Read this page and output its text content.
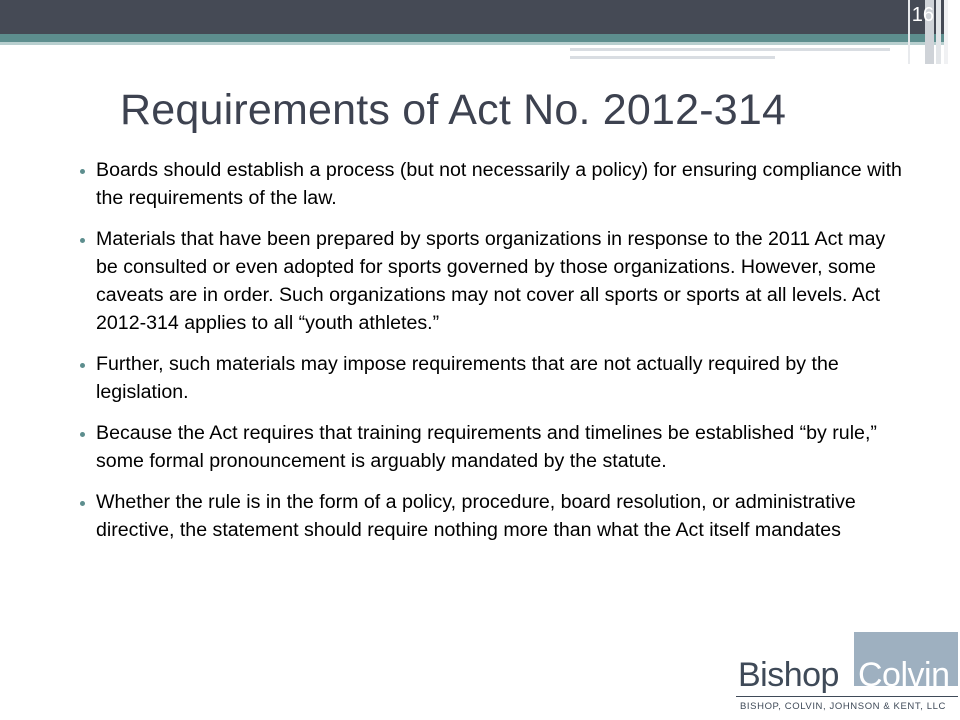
16
Requirements of Act No. 2012-314
Boards should establish a process (but not necessarily a policy) for ensuring compliance with the requirements of the law.
Materials that have been prepared by sports organizations in response to the 2011 Act may be consulted or even adopted for sports governed by those organizations. However, some caveats are in order. Such organizations may not cover all sports or sports at all levels. Act 2012-314 applies to all “youth athletes.”
Further, such materials may impose requirements that are not actually required by the legislation.
Because the Act requires that training requirements and timelines be established “by rule,” some formal pronouncement is arguably mandated by the statute.
Whether the rule is in the form of a policy, procedure, board resolution, or administrative directive, the statement should require nothing more than what the Act itself mandates
Bishop Colvin
BISHOP, COLVIN, JOHNSON & KENT, LLC
